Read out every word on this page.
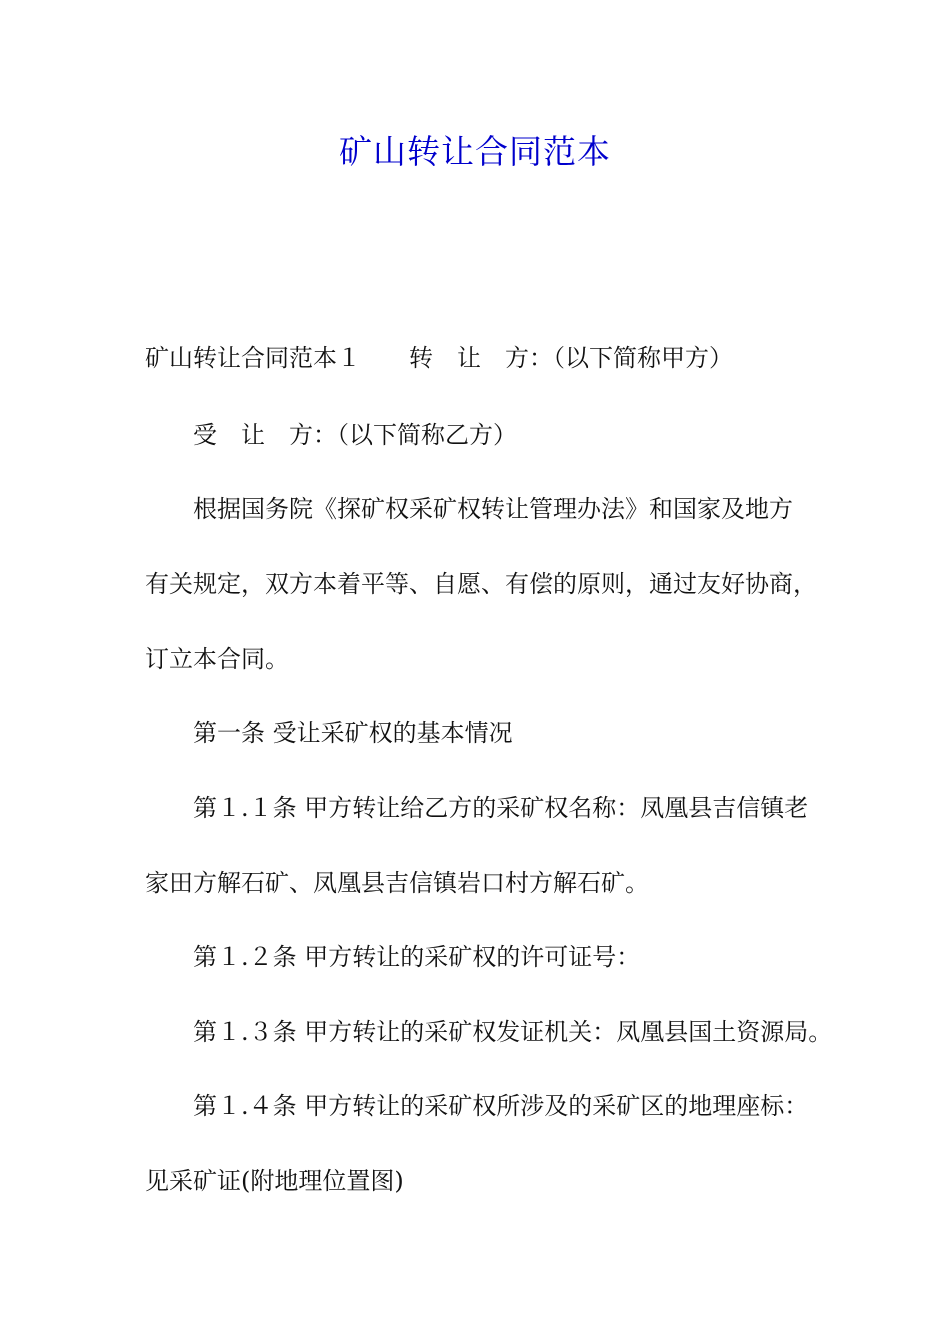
矿山转让合同范本
矿山转让合同范本１ 转　让　方：（以下简称甲方）
受　让　方：（以下简称乙方）
根据国务院《探矿权采矿权转让管理办法》和国家及地方
有关规定，双方本着平等、自愿、有偿的原则，通过友好协商，
订立本合同。
第一条 受让采矿权的基本情况
第１.１条 甲方转让给乙方的采矿权名称：凤凰县吉信镇老
家田方解石矿、凤凰县吉信镇岩口村方解石矿。
第１.２条 甲方转让的采矿权的许可证号：
第１.３条 甲方转让的采矿权发证机关：凤凰县国土资源局。
第１.４条 甲方转让的采矿权所涉及的采矿区的地理座标：
见采矿证(附地理位置图)
